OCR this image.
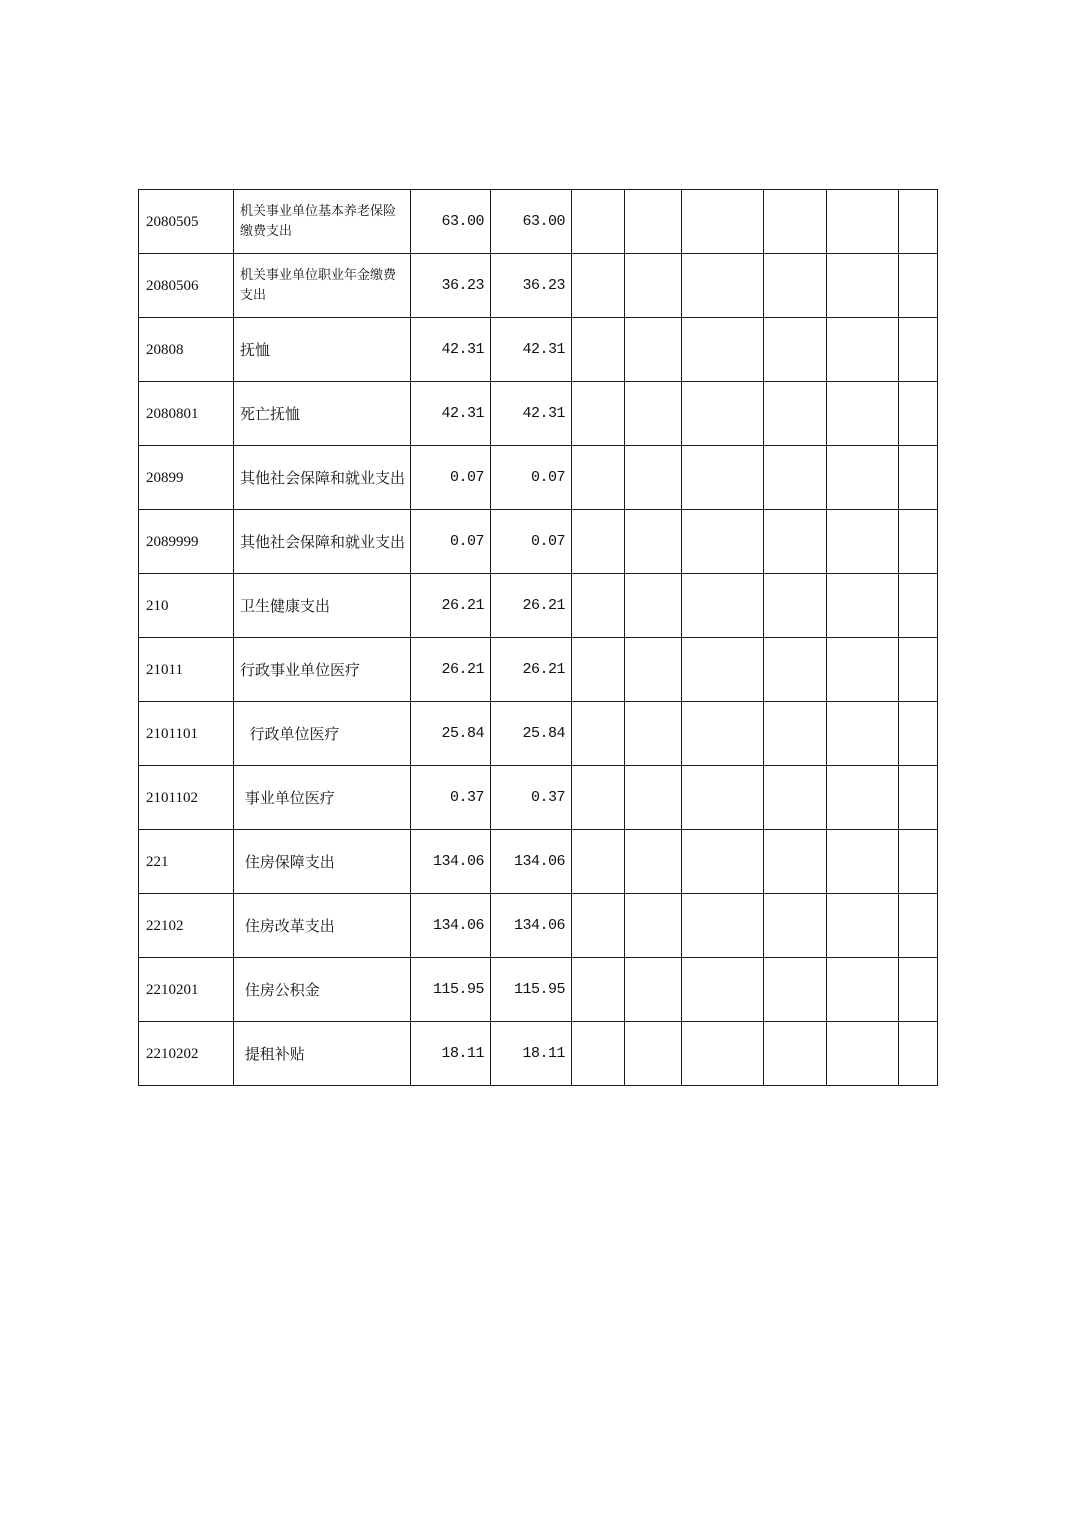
2080505	机关事业单位基本养老保险缴费支出	63.00	63.00						
2080506	机关事业单位职业年金缴费支出	36.23	36.23						
20808	抚恤	42.31	42.31						
2080801	死亡抚恤	42.31	42.31						
20899	其他社会保障和就业支出	0.07	0.07						
2089999	其他社会保障和就业支出	0.07	0.07						
210	卫生健康支出	26.21	26.21						
21011	行政事业单位医疗	26.21	26.21						
2101101	行政单位医疗	25.84	25.84						
2101102	事业单位医疗	0.37	0.37						
221	住房保障支出	134.06	134.06						
22102	住房改革支出	134.06	134.06						
2210201	住房公积金	115.95	115.95						
2210202	提租补贴	18.11	18.11						
